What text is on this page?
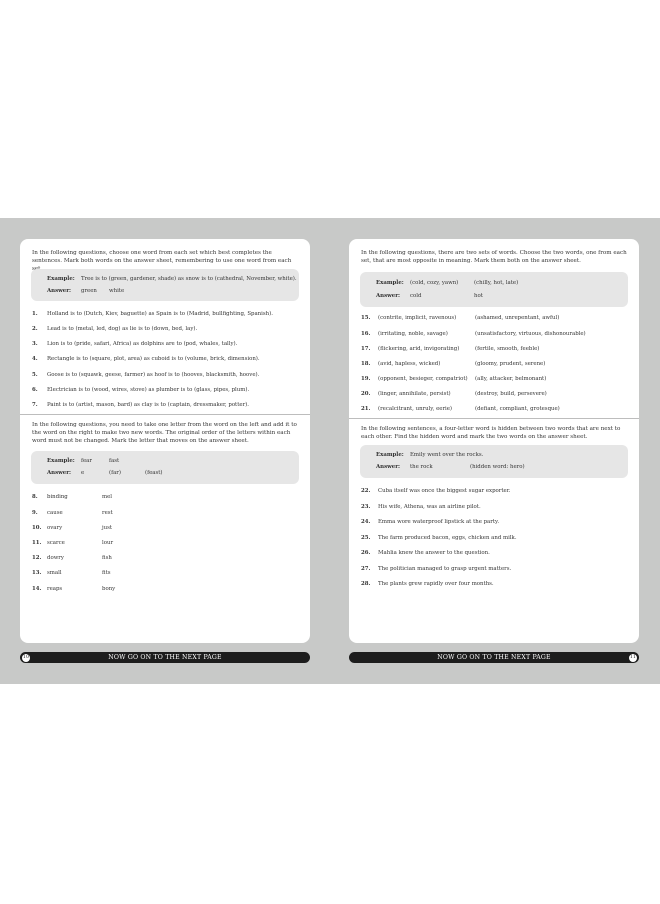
In the following questions, choose one word from each set which best completes the sentences. Mark both words on the answer sheet, remembering to use one word from each
Example: Tree is to (green, gardener, shade) as snow is to (cathedral, November, white).
Answer: green white
1. Holland is to (Dutch, Kiev, baguette) as Spain is to (Madrid, bullfighting, Spanish).
2. Lead is to (metal, led, dog) as lie is to (down, bed, lay).
3. Lion is to (pride, safari, Africa) as dolphins are to (pod, whales, tally).
4. Rectangle is to (square, plot, area) as cuboid is to (volume, brick, dimension).
5. Goose is to (squawk, geese, farmer) as hoof is to (hooves, blacksmith, hoove).
6. Electrician is to (wood, wires, stove) as plumber is to (glass, pipes, plum).
7. Paint is to (artist, mason, bard) as clay is to (captain, dressmaker, potter).
In the following questions, you need to take one letter from the word on the left and add it to the word on the right to make two new words. The original order of the letters within each word must not be changed. Mark the letter that moves on the answer sheet.
Example: fear	fast
Answer: e	(far)	(feast)
8. binding	mel
9. cause	rest
10. ovary	just
11. scarce	lour
12. dowry	fish
13. small	fits
14. reaps	bony
In the following questions, there are two sets of words. Choose the two words, one from each set, that are most opposite in meaning. Mark them both on the answer sheet.
Example: (cold, cozy, yawn)	(chilly, hot, late)
Answer: cold	hot
15. (contrite, implicit, ravenous)	(ashamed, unrepentant, awful)
16. (irritating, noble, savage)	(unsatisfactory, virtuous, dishonourable)
17. (flickering, arid, invigorating)	(fertile, smooth, feeble)
18. (avid, hapless, wicked)	(gloomy, prudent, serene)
19. (opponent, besieger, compatriot) (ally, attacker, belmonant)
20. (linger, annihilate, persist)	(destroy, build, persevere)
21. (recalcitrant, unruly, eerie)	(defiant, compliant, grotesque)
In the following sentences, a four-letter word is hidden between two words that are next to each other. Find the hidden word and mark the two words on the answer sheet.
Example: Emily went over the rocks.
Answer: the rock	(hidden word: hero)
22. Cuba itself was once the biggest sugar exporter.
23. His wife, Athena, was an airline pilot.
24. Emma wore waterproof lipstick at the party.
25. The farm produced bacon, eggs, chicken and milk.
26. Mahlia knew the answer to the question.
27. The politician managed to grasp urgent matters.
28. The plants grew rapidly over four months.
10	NOW GO ON TO THE NEXT PAGE	NOW GO ON TO THE NEXT PAGE	11
